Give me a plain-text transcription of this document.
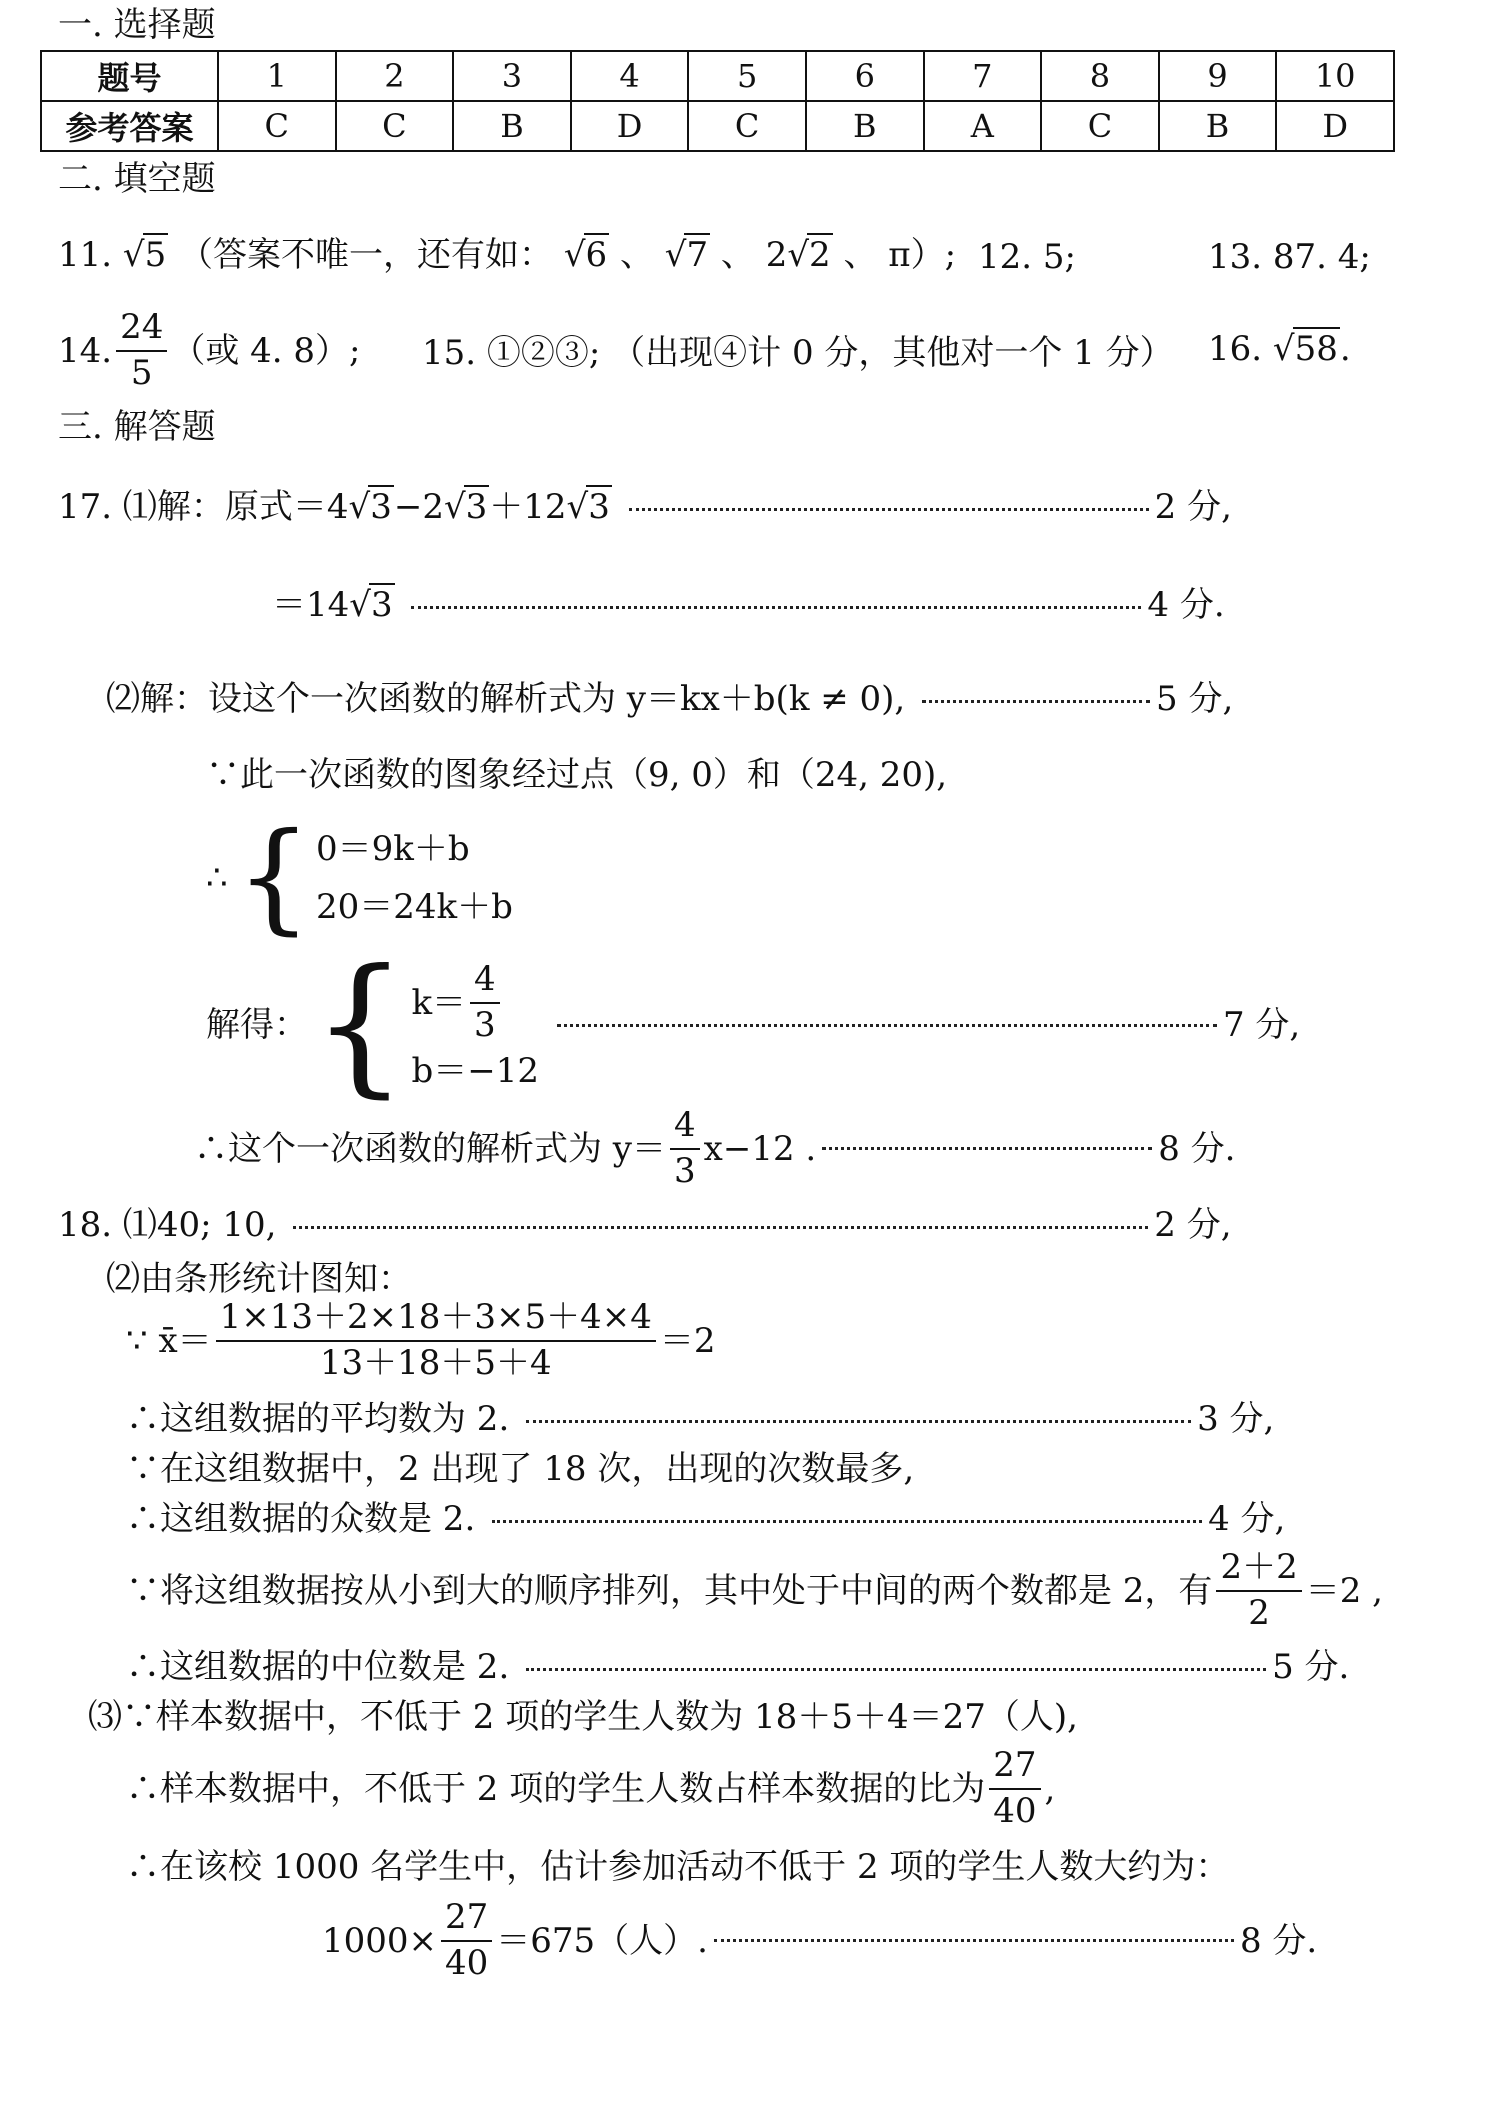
一. 选择题
题号	1	2	3	4	5	6	7	8	9	10
参考答案	C	C	B	D	C	B	A	C	B	D
二. 填空题
11. √5 （答案不唯一，还有如： √6 、 √7 、 2√2 、 π）; 12. 5;	13. 87. 4;
14. $\frac{24}{5}$ （或 4. 8）; 15. ①②③; （出现④计 0 分，其他对一个 1 分） 16. √58.
三. 解答题
17. ⑴解：原式＝4√3−2√3＋12√3	2 分,
＝14√3	4 分.
⑵解：设这个一次函数的解析式为 y＝kx＋b(k ≠ 0),	5 分,
∵此一次函数的图象经过点（9, 0）和（24, 20),
∴ { 0＝9k＋b
20＝24k＋b
解得： { $k= \frac{4}{3}$
b＝−12
7 分,
∴这个一次函数的解析式为 $y= \frac{4}{3} x-12$ .	8 分.
18. ⑴40; 10,	2 分,
⑵由条形统计图知：
∵ x̄＝ $\frac{1\times 13+2\times 18+3\times 5+4\times 4}{13+18+5+4} =2$
∴这组数据的平均数为 2.	3 分,
∵在这组数据中，2 出现了 18 次，出现的次数最多,
∴这组数据的众数是 2.	4 分,
∵将这组数据按从小到大的顺序排列，其中处于中间的两个数都是 2，有 $\frac{2+2}{2} =2$ ,
∴这组数据的中位数是 2.	5 分.
⑶∵样本数据中，不低于 2 项的学生人数为 18＋5＋4＝27（人),
∴样本数据中，不低于 2 项的学生人数占样本数据的比为 $\frac{27}{40}$ ,
∴在该校 1000 名学生中，估计参加活动不低于 2 项的学生人数大约为：
$1000\times \frac{27}{40} =675$（人）.	8 分.
